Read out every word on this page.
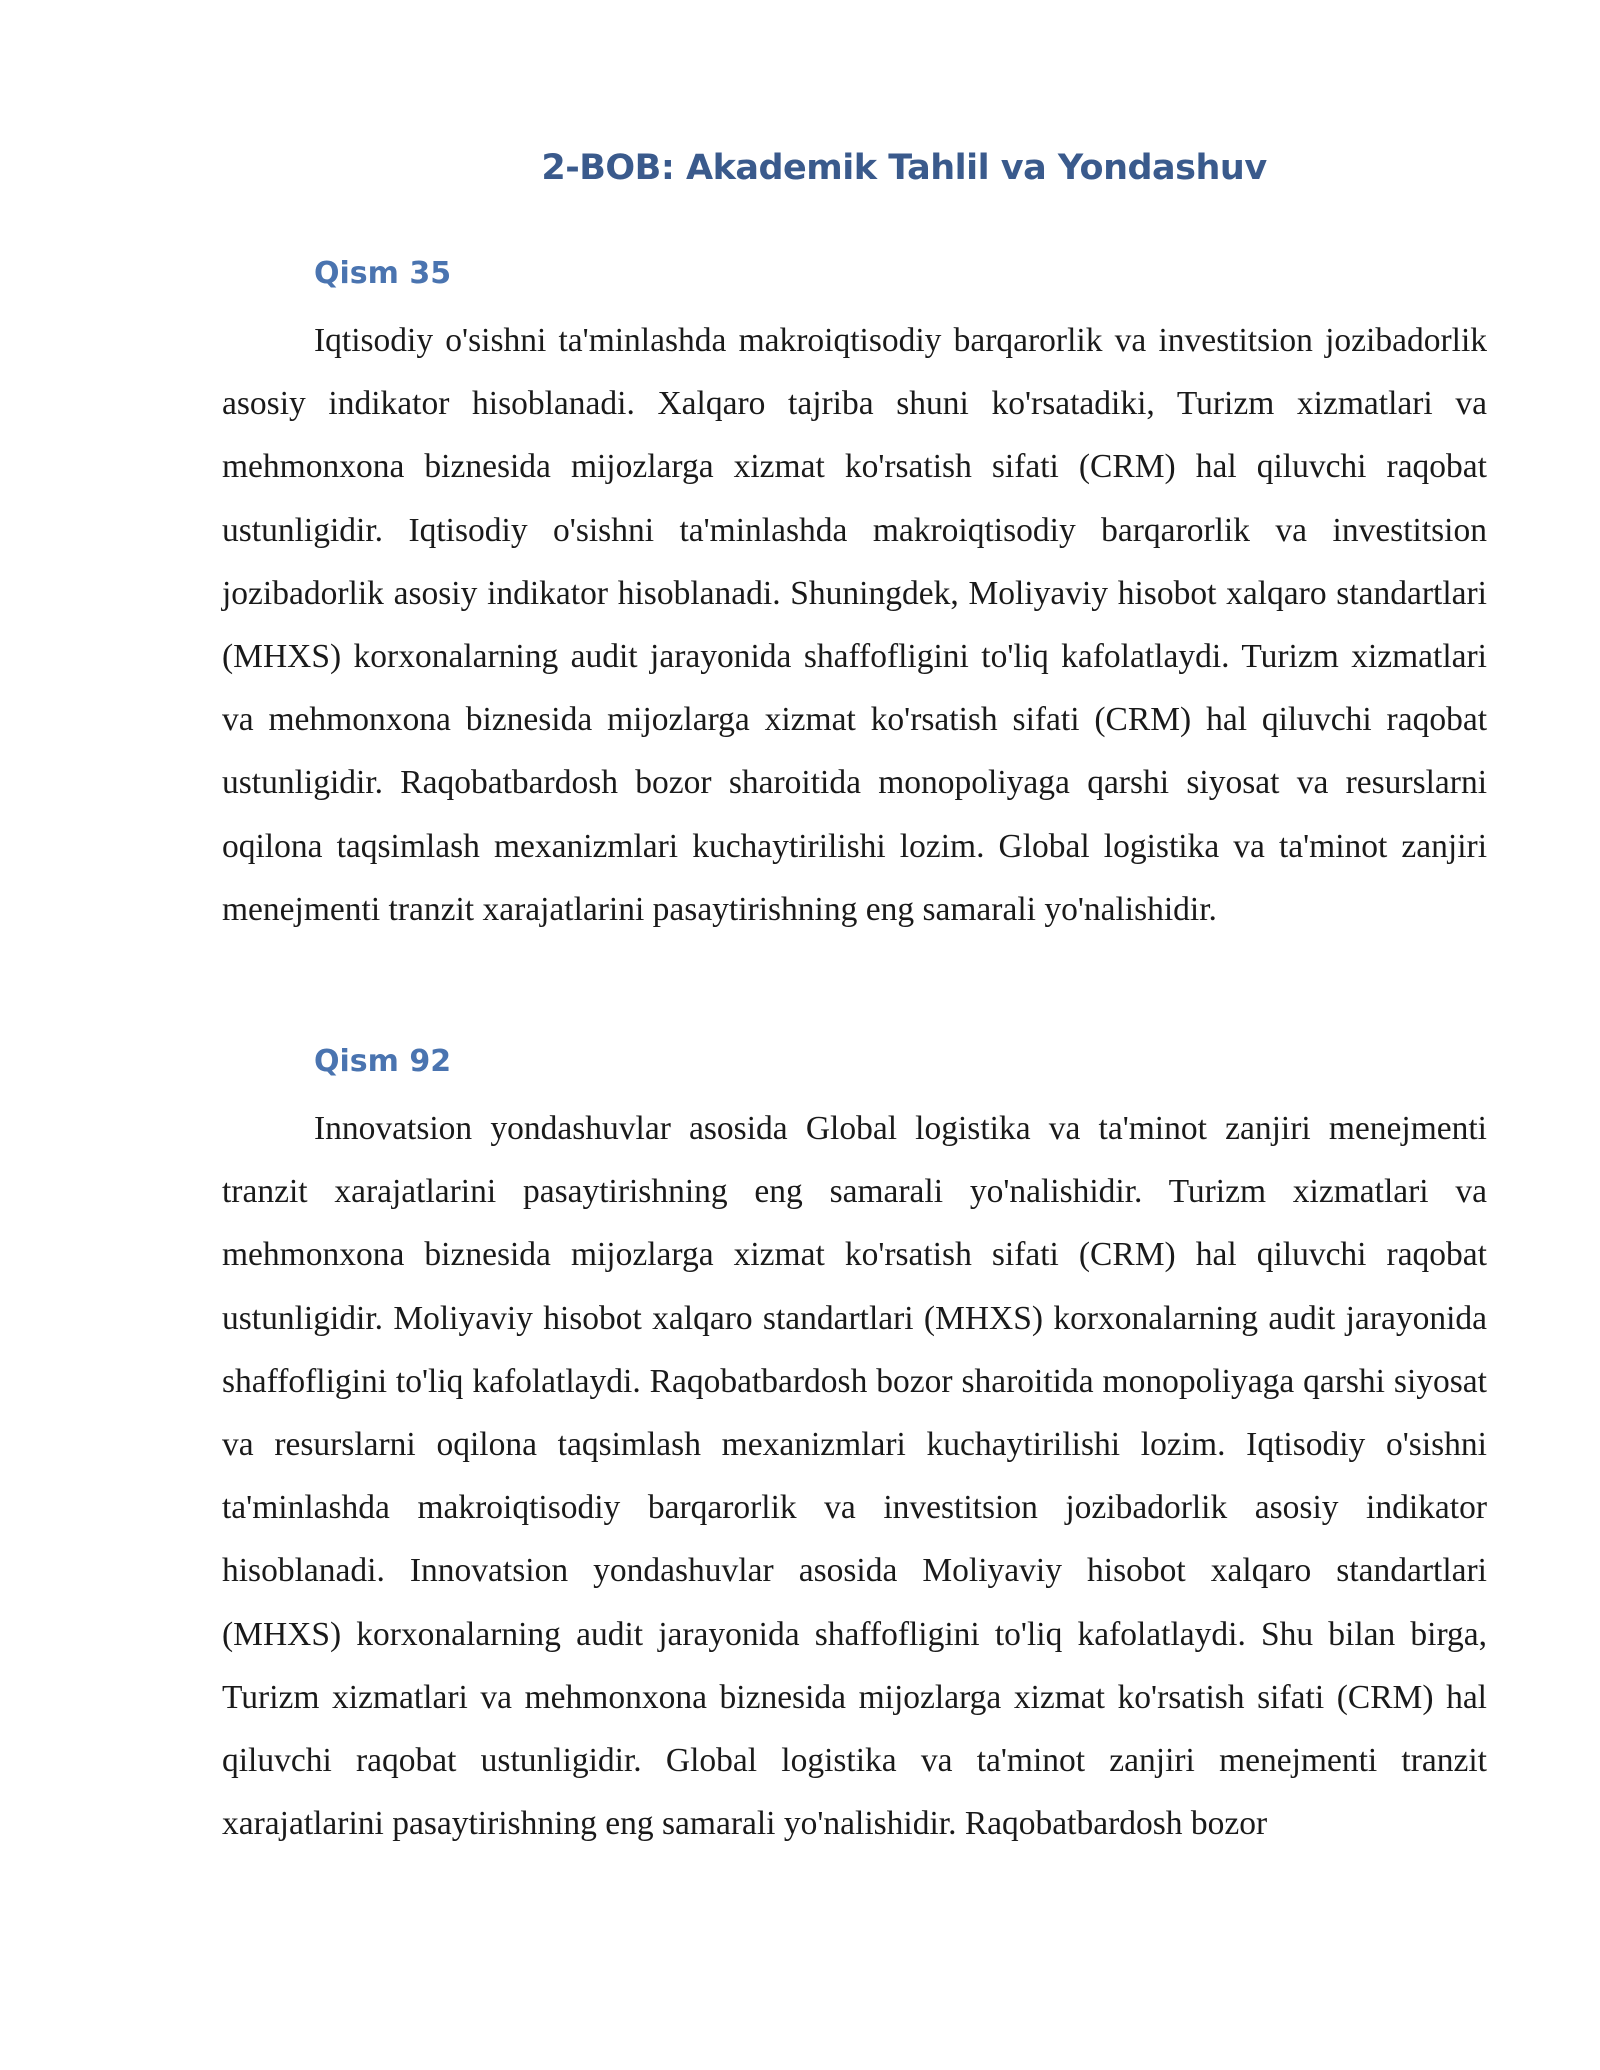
2-BOB: Akademik Tahlil va Yondashuv
Qism 35

Iqtisodiy o'sishni ta'minlashda makroiqtisodiy barqarorlik va investitsion jozibadorlik asosiy indikator hisoblanadi. Xalqaro tajriba shuni ko'rsatadiki, Turizm xizmatlari va mehmonxona biznesida mijozlarga xizmat ko'rsatish sifati (CRM) hal qiluvchi raqobat ustunligidir. Iqtisodiy o'sishni ta'minlashda makroiqtisodiy barqarorlik va investitsion jozibadorlik asosiy indikator hisoblanadi. Shuningdek, Moliyaviy hisobot xalqaro standartlari (MHXS) korxonalarning audit jarayonida shaffofligini to'liq kafolatlaydi. Turizm xizmatlari va mehmonxona biznesida mijozlarga xizmat ko'rsatish sifati (CRM) hal qiluvchi raqobat ustunligidir. Raqobatbardosh bozor sharoitida monopoliyaga qarshi siyosat va resurslarni oqilona taqsimlash mexanizmlari kuchaytirilishi lozim. Global logistika va ta'minot zanjiri menejmenti tranzit xarajatlarini pasaytirishning eng samarali yo'nalishidir.

Qism 92

Innovatsion yondashuvlar asosida Global logistika va ta'minot zanjiri menejmenti tranzit xarajatlarini pasaytirishning eng samarali yo'nalishidir. Turizm xizmatlari va mehmonxona biznesida mijozlarga xizmat ko'rsatish sifati (CRM) hal qiluvchi raqobat ustunligidir. Moliyaviy hisobot xalqaro standartlari (MHXS) korxonalarning audit jarayonida shaffofligini to'liq kafolatlaydi. Raqobatbardosh bozor sharoitida monopoliyaga qarshi siyosat va resurslarni oqilona taqsimlash mexanizmlari kuchaytirilishi lozim. Iqtisodiy o'sishni ta'minlashda makroiqtisodiy barqarorlik va investitsion jozibadorlik asosiy indikator hisoblanadi. Innovatsion yondashuvlar asosida Moliyaviy hisobot xalqaro standartlari (MHXS) korxonalarning audit jarayonida shaffofligini to'liq kafolatlaydi. Shu bilan birga, Turizm xizmatlari va mehmonxona biznesida mijozlarga xizmat ko'rsatish sifati (CRM) hal qiluvchi raqobat ustunligidir. Global logistika va ta'minot zanjiri menejmenti tranzit xarajatlarini pasaytirishning eng samarali yo'nalishidir. Raqobatbardosh bozor
